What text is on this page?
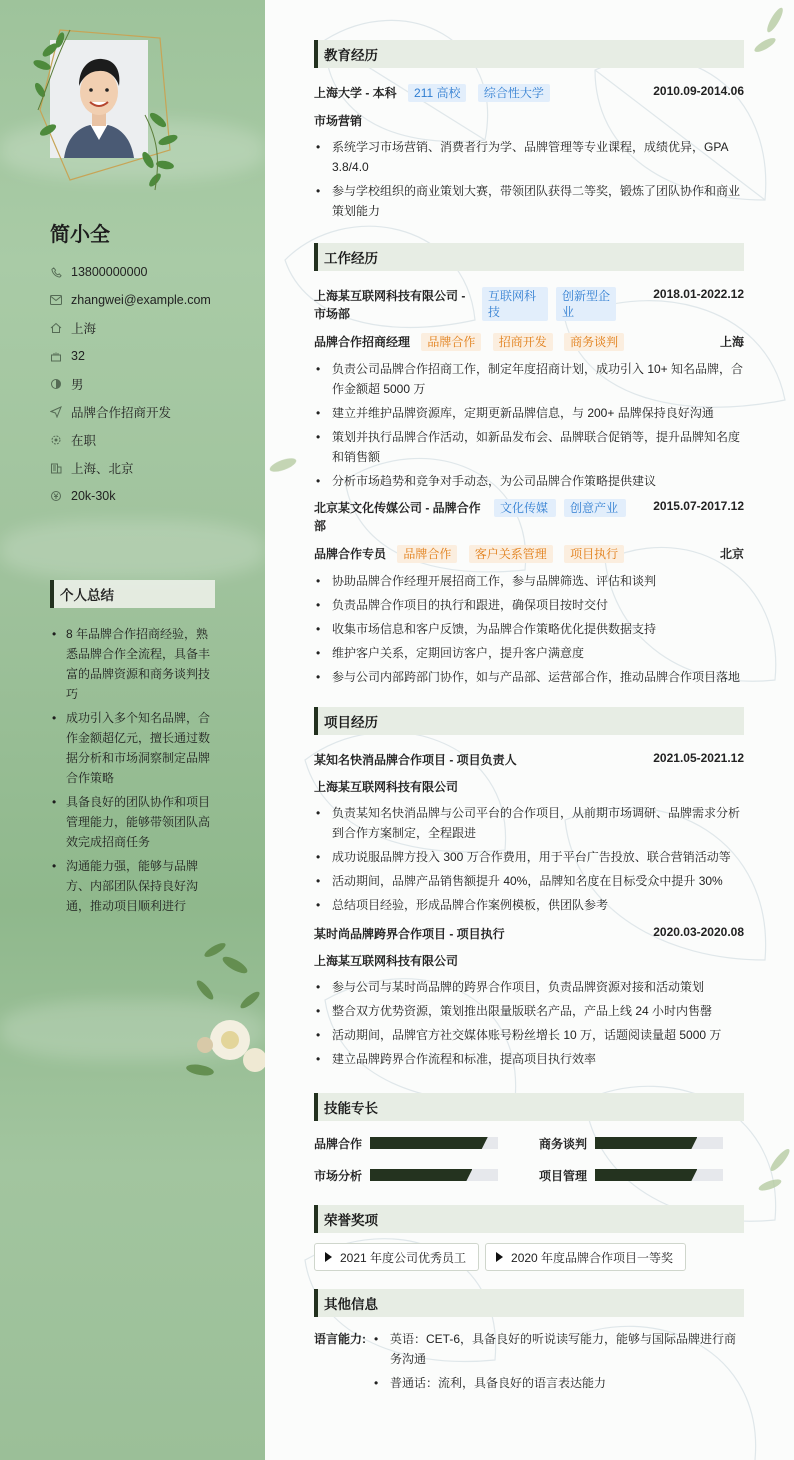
简小全
13800000000
zhangwei@example.com
上海
32
男
品牌合作招商开发
在职
上海、北京
20k-30k
个人总结
• 8 年品牌合作招商经验，熟悉品牌合作全流程，具备丰富的品牌资源和商务谈判技巧
• 成功引入多个知名品牌，合作金额超亿元，擅长通过数据分析和市场洞察制定品牌合作策略
• 具备良好的团队协作和项目管理能力，能够带领团队高效完成招商任务
• 沟通能力强，能够与品牌方、内部团队保持良好沟通，推动项目顺利进行
教育经历
上海大学 - 本科 211 高校 综合性大学	2010.09-2014.06
市场营销
• 系统学习市场营销、消费者行为学、品牌管理等专业课程，成绩优异，GPA 3.8/4.0
• 参与学校组织的商业策划大赛，带领团队获得二等奖，锻炼了团队协作和商业策划能力
工作经历
上海某互联网科技有限公司 - 市场部
互联网科技
创新型企业
2018.01-2022.12
品牌合作招商经理 品牌合作 招商开发 商务谈判	上海
• 负责公司品牌合作招商工作，制定年度招商计划，成功引入 10+ 知名品牌，合作金额超 5000 万
• 建立并维护品牌资源库，定期更新品牌信息，与 200+ 品牌保持良好沟通
• 策划并执行品牌合作活动，如新品发布会、品牌联合促销等，提升品牌知名度和销售额
• 分析市场趋势和竞争对手动态，为公司品牌合作策略提供建议
北京某文化传媒公司 - 品牌合作部
文化传媒	创意产业	2015.07-2017.12
品牌合作专员 品牌合作 客户关系管理 项目执行	北京
• 协助品牌合作经理开展招商工作，参与品牌筛选、评估和谈判
• 负责品牌合作项目的执行和跟进，确保项目按时交付
• 收集市场信息和客户反馈，为品牌合作策略优化提供数据支持
• 维护客户关系，定期回访客户，提升客户满意度
• 参与公司内部跨部门协作，如与产品部、运营部合作，推动品牌合作项目落地
项目经历
某知名快消品牌合作项目 - 项目负责人	2021.05-2021.12
上海某互联网科技有限公司
• 负责某知名快消品牌与公司平台的合作项目，从前期市场调研、品牌需求分析到合作方案制定，全程跟进
• 成功说服品牌方投入 300 万合作费用，用于平台广告投放、联合营销活动等
• 活动期间，品牌产品销售额提升 40%，品牌知名度在目标受众中提升 30%
• 总结项目经验，形成品牌合作案例模板，供团队参考
某时尚品牌跨界合作项目 - 项目执行	2020.03-2020.08
上海某互联网科技有限公司
• 参与公司与某时尚品牌的跨界合作项目，负责品牌资源对接和活动策划
• 整合双方优势资源，策划推出限量版联名产品，产品上线 24 小时内售罄
• 活动期间，品牌官方社交媒体账号粉丝增长 10 万，话题阅读量超 5000 万
• 建立品牌跨界合作流程和标准，提高项目执行效率
技能专长
品牌合作	商务谈判
市场分析	项目管理
荣誉奖项
2021 年度公司优秀员工	2020 年度品牌合作项目一等奖
其他信息
语言能力:
•	英语：CET-6，具备良好的听说读写能力，能够与国际品牌进行商务沟通
• 普通话：流利，具备良好的语言表达能力
